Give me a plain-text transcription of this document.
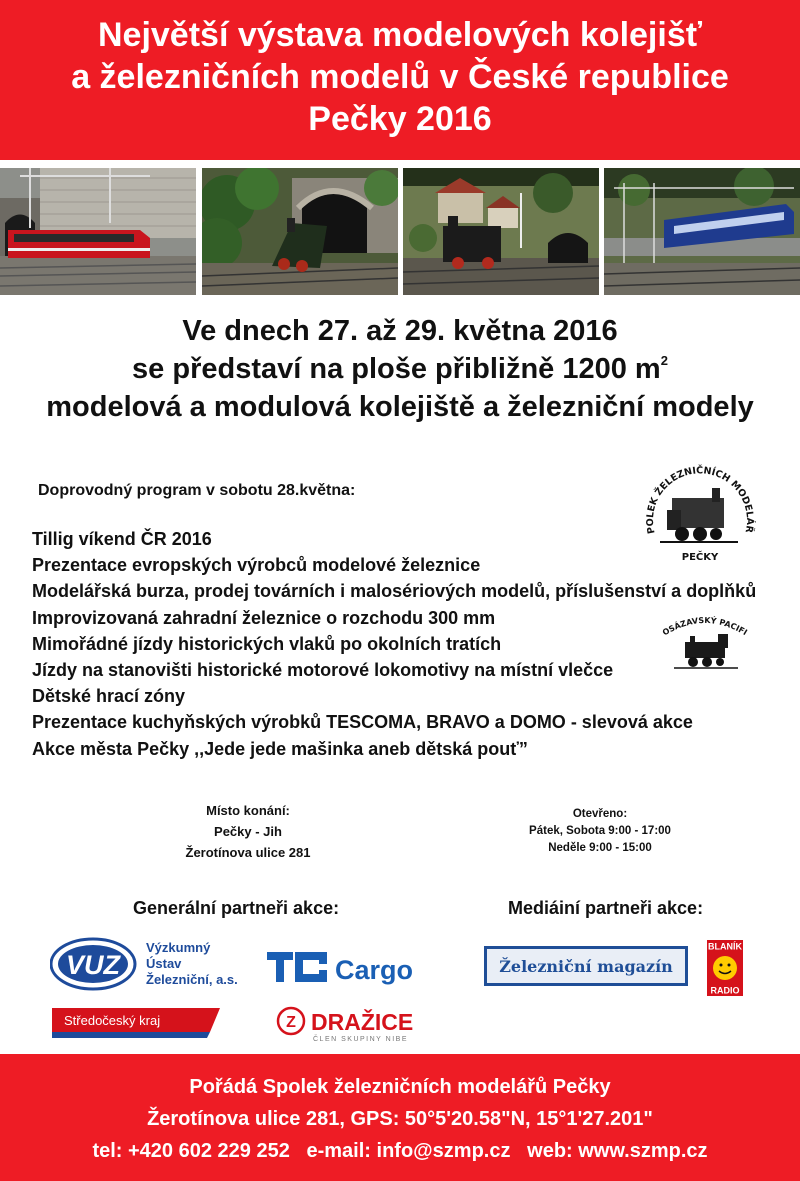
Největší výstava modelových kolejišť
a železničních modelů v České republice
Pečky 2016
Ve dnech 27. až 29. května 2016
se představí na ploše přibližně 1200 $m^2$
modelová a modulová kolejiště a železniční modely
Doprovodný program v sobotu 28.května:
Tillig víkend ČR 2016
Prezentace evropských výrobců modelové železnice
Modelářská burza, prodej továrních i malosériových modelů, příslušenství a doplňků
Improvizovaná zahradní železnice o rozchodu 300 mm
Mimořádné jízdy historických vlaků po okolních tratích
Jízdy na stanovišti historické motorové lokomotivy na místní vlečce
Dětské hrací zóny
Prezentace kuchyňských výrobků TESCOMA, BRAVO a DOMO - slevová akce
Akce města Pečky ,,Jede jede mašinka aneb dětská pouť”
POLEK ŽELEZNIČNÍCH MODELÁŘ
PEČKY
OSÁZAVSKÝ PACIFI
Místo konání:
Pečky - Jih
Žerotínova ulice 281
Otevřeno:
Pátek, Sobota 9:00 - 17:00
Neděle 9:00 - 15:00
Generální partneři akce:	Mediáiní partneři akce:
VUZ
Výzkumný
Ústav
Železniční, a.s.	Cargo
Středočeský kraj	Z DRAŽICE
ČLEN SKUPINY NIBE
Železniční magazín
BLANÍK
RADIO
Pořádá Spolek železničních modelářů Pečky
Žerotínova ulice 281, GPS: 50°5'20.58"N, 15°1'27.201"
tel: +420 602 229 252   e-mail: info@szmp.cz   web: www.szmp.cz
